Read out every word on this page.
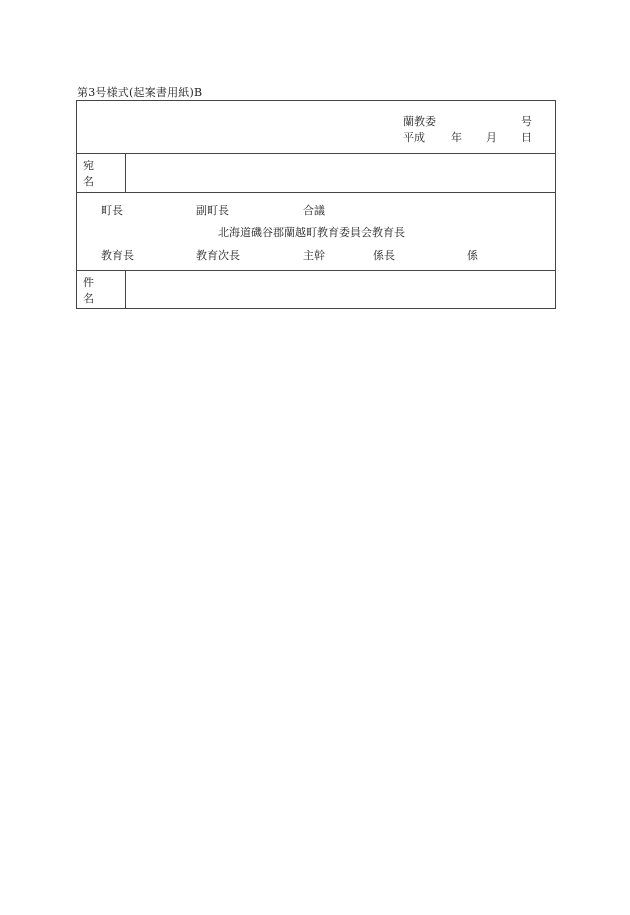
第3号様式(起案書用紙)B
蘭教委	号
平成 年 月 日
宛 名
町長	副町長	合議
北海道磯谷郡蘭越町教育委員会教育長
教育長	教育次長	主幹	係長	係
件 名
